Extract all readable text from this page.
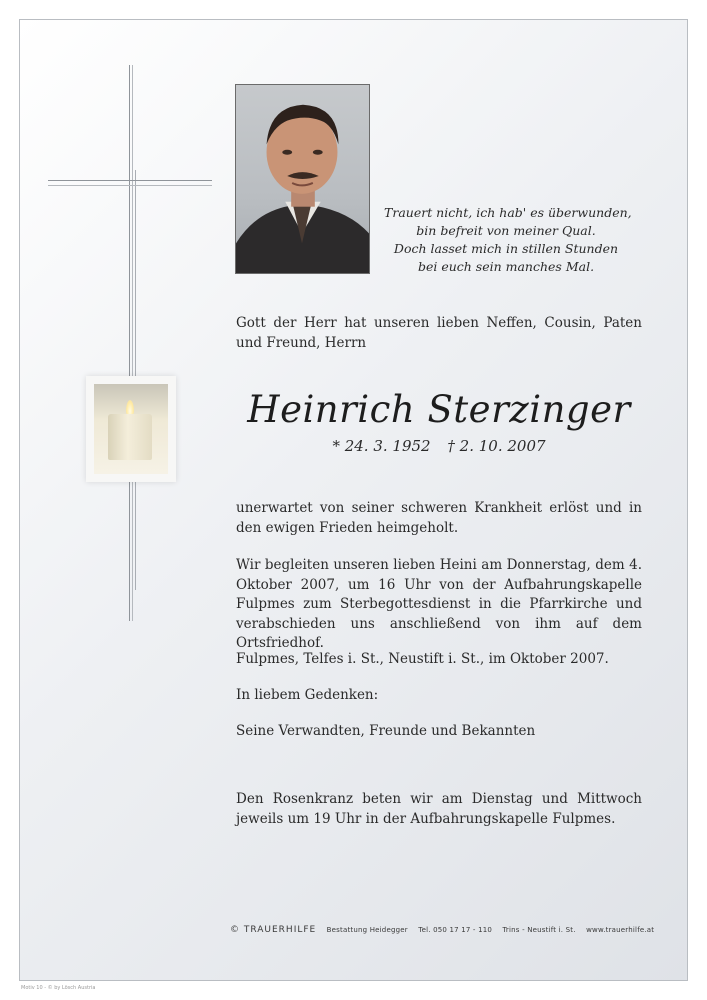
Trauert nicht, ich hab' es überwunden,
bin befreit von meiner Qual.
Doch lasset mich in stillen Stunden
bei euch sein manches Mal.
Gott der Herr hat unseren lieben Neffen, Cousin, Paten und Freund, Herrn
Heinrich Sterzinger
* 24. 3. 1952 † 2. 10. 2007
unerwartet von seiner schweren Krankheit erlöst und in den ewigen Frieden heimgeholt.
Wir begleiten unseren lieben Heini am Donnerstag, dem 4. Oktober 2007, um 16 Uhr von der Aufbahrungskapelle Fulpmes zum Sterbegottesdienst in die Pfarrkirche und verabschieden uns anschließend von ihm auf dem Ortsfriedhof.
Fulpmes, Telfes i. St., Neustift i. St., im Oktober 2007.
In liebem Gedenken:
Seine Verwandten, Freunde und Bekannten
Den Rosenkranz beten wir am Dienstag und Mittwoch jeweils um 19 Uhr in der Aufbahrungskapelle Fulpmes.
© TRAUERHILFE Bestattung Heidegger Tel. 050 17 17 - 110 Trins - Neustift i. St. www.trauerhilfe.at
Motiv 10 - © by Lösch Austria
